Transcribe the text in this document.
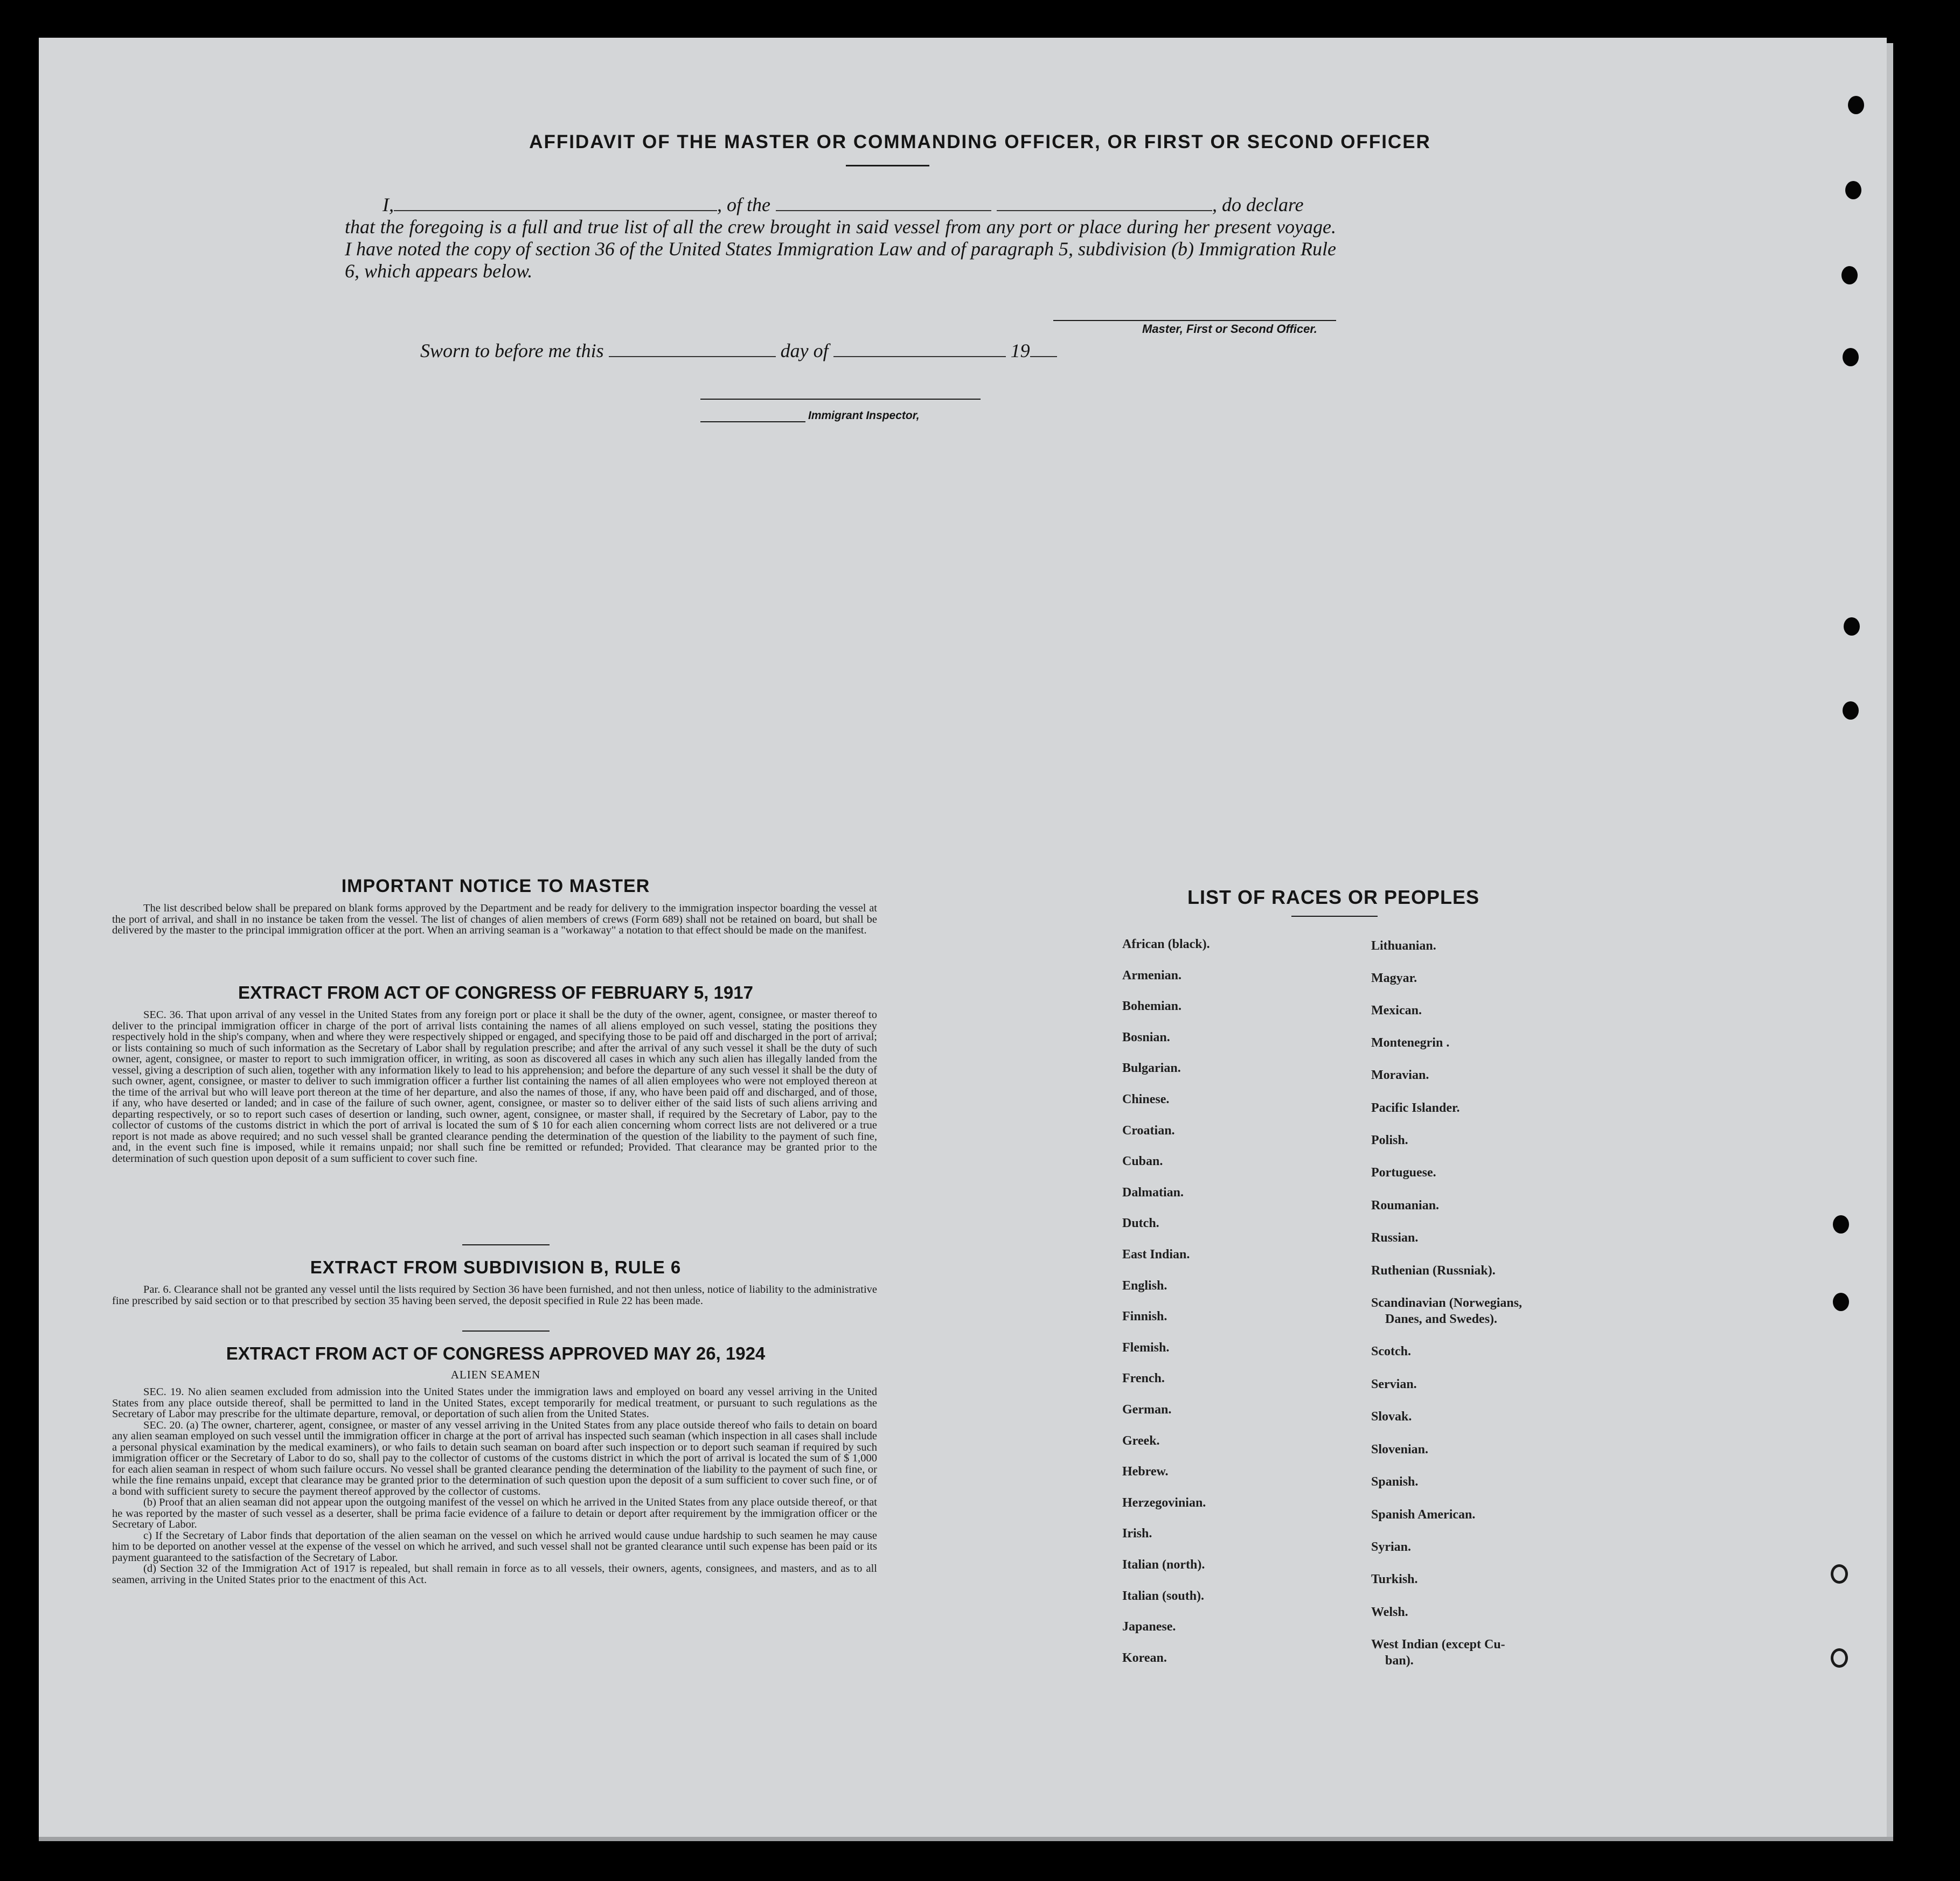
AFFIDAVIT OF THE MASTER OR COMMANDING OFFICER, OR FIRST OR SECOND OFFICER
I,	, of the	, do declare
that the foregoing is a full and true list of all the crew brought in said vessel from any port or place during her present voyage. I have noted the copy of section 36 of the United States Immigration Law and of paragraph 5, subdivision (b) Immigration Rule 6, which appears below.
Master, First or Second Officer.
Sworn to before me this	day of	19
Immigrant Inspector,
IMPORTANT NOTICE TO MASTER

The list described below shall be prepared on blank forms approved by the Department and be ready for delivery to the immigration inspector boarding the vessel at the port of arrival, and shall in no instance be taken from the vessel. The list of changes of alien members of crews (Form 689) shall not be retained on board, but shall be delivered by the master to the principal immigration officer at the port. When an arriving seaman is a "workaway" a notation to that effect should be made on the manifest.

EXTRACT FROM ACT OF CONGRESS OF FEBRUARY 5, 1917

SEC. 36. That upon arrival of any vessel in the United States from any foreign port or place it shall be the duty of the owner, agent, consignee, or master thereof to deliver to the principal immigration officer in charge of the port of arrival lists containing the names of all aliens employed on such vessel, stating the positions they respectively hold in the ship's company, when and where they were respectively shipped or engaged, and specifying those to be paid off and discharged in the port of arrival; or lists containing so much of such information as the Secretary of Labor shall by regulation prescribe; and after the arrival of any such vessel it shall be the duty of such owner, agent, consignee, or master to report to such immigration officer, in writing, as soon as discovered all cases in which any such alien has illegally landed from the vessel, giving a description of such alien, together with any information likely to lead to his apprehension; and before the departure of any such vessel it shall be the duty of such owner, agent, consignee, or master to deliver to such immigration officer a further list containing the names of all alien employees who were not employed thereon at the time of the arrival but who will leave port thereon at the time of her departure, and also the names of those, if any, who have been paid off and discharged, and of those, if any, who have deserted or landed; and in case of the failure of such owner, agent, consignee, or master so to deliver either of the said lists of such aliens arriving and departing respectively, or so to report such cases of desertion or landing, such owner, agent, consignee, or master shall, if required by the Secretary of Labor, pay to the collector of customs of the customs district in which the port of arrival is located the sum of $ 10 for each alien concerning whom correct lists are not delivered or a true report is not made as above required; and no such vessel shall be granted clearance pending the determination of the question of the liability to the payment of such fine, and, in the event such fine is imposed, while it remains unpaid; nor shall such fine be remitted or refunded; Provided. That clearance may be granted prior to the determination of such question upon deposit of a sum sufficient to cover such fine.

EXTRACT FROM SUBDIVISION B, RULE 6

Par. 6. Clearance shall not be granted any vessel until the lists required by Section 36 have been furnished, and not then unless, notice of liability to the administrative fine prescribed by said section or to that prescribed by section 35 having been served, the deposit specified in Rule 22 has been made.

EXTRACT FROM ACT OF CONGRESS APPROVED MAY 26, 1924
ALIEN SEAMEN

SEC. 19. No alien seamen excluded from admission into the United States under the immigration laws and employed on board any vessel arriving in the United States from any place outside thereof, shall be permitted to land in the United States, except temporarily for medical treatment, or pursuant to such regulations as the Secretary of Labor may prescribe for the ultimate departure, removal, or deportation of such alien from the United States.

SEC. 20. (a) The owner, charterer, agent, consignee, or master of any vessel arriving in the United States from any place outside thereof who fails to detain on board any alien seaman employed on such vessel until the immigration officer in charge at the port of arrival has inspected such seaman (which inspection in all cases shall include a personal physical examination by the medical examiners), or who fails to detain such seaman on board after such inspection or to deport such seaman if required by such immigration officer or the Secretary of Labor to do so, shall pay to the collector of customs of the customs district in which the port of arrival is located the sum of $ 1,000 for each alien seaman in respect of whom such failure occurs. No vessel shall be granted clearance pending the determination of the liability to the payment of such fine, or while the fine remains unpaid, except that clearance may be granted prior to the determination of such question upon the deposit of a sum sufficient to cover such fine, or of a bond with sufficient surety to secure the payment thereof approved by the collector of customs.

(b) Proof that an alien seaman did not appear upon the outgoing manifest of the vessel on which he arrived in the United States from any place outside thereof, or that he was reported by the master of such vessel as a deserter, shall be prima facie evidence of a failure to detain or deport after requirement by the immigration officer or the Secretary of Labor.

c) If the Secretary of Labor finds that deportation of the alien seaman on the vessel on which he arrived would cause undue hardship to such seamen he may cause him to be deported on another vessel at the expense of the vessel on which he arrived, and such vessel shall not be granted clearance until such expense has been paid or its payment guaranteed to the satisfaction of the Secretary of Labor.

(d) Section 32 of the Immigration Act of 1917 is repealed, but shall remain in force as to all vessels, their owners, agents, consignees, and masters, and as to all seamen, arriving in the United States prior to the enactment of this Act.

LIST OF RACES OR PEOPLES
African (black).
Armenian.
Bohemian.
Bosnian.
Bulgarian.
Chinese.
Croatian.
Cuban.
Dalmatian.
Dutch.
East Indian.
English.
Finnish.
Flemish.
French.
German.
Greek.
Hebrew.
Herzegovinian.
Irish.
Italian (north).
Italian (south).
Japanese.
Korean.
Lithuanian.
Magyar.
Mexican.
Montenegrin .
Moravian.
Pacific Islander.
Polish.
Portuguese.
Roumanian.
Russian.
Ruthenian (Russniak).
Scandinavian (Norwegians,
Danes, and Swedes).
Scotch.
Servian.
Slovak.
Slovenian.
Spanish.
Spanish American.
Syrian.
Turkish.
Welsh.
West Indian (except Cu-
ban).
